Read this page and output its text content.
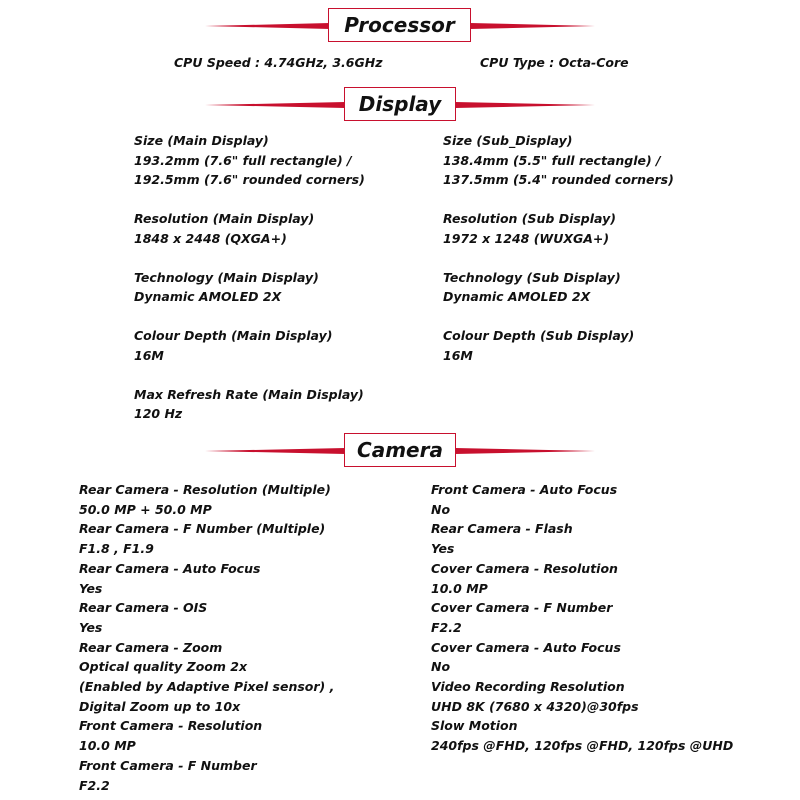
Processor
CPU Speed : 4.74GHz, 3.6GHz	CPU Type : Octa-Core
Display
Size (Main Display)
193.2mm (7.6" full rectangle) /
192.5mm (7.6" rounded corners)
Resolution (Main Display)
1848 x 2448 (QXGA+)
Technology (Main Display)
Dynamic AMOLED 2X
Colour Depth (Main Display)
16M
Max Refresh Rate (Main Display)
120 Hz
Size (Sub_Display)
138.4mm (5.5" full rectangle) /
137.5mm (5.4" rounded corners)
Resolution (Sub Display)
1972 x 1248 (WUXGA+)
Technology (Sub Display)
Dynamic AMOLED 2X
Colour Depth (Sub Display)
16M
Camera
Rear Camera - Resolution (Multiple)
50.0 MP + 50.0 MP
Rear Camera - F Number (Multiple)
F1.8 , F1.9
Rear Camera - Auto Focus
Yes
Rear Camera - OIS
Yes
Rear Camera - Zoom
Optical quality Zoom 2x
(Enabled by Adaptive Pixel sensor) ,
Digital Zoom up to 10x
Front Camera - Resolution
10.0 MP
Front Camera - F Number
F2.2
Front Camera - Auto Focus
No
Rear Camera - Flash
Yes
Cover Camera - Resolution
10.0 MP
Cover Camera - F Number
F2.2
Cover Camera - Auto Focus
No
Video Recording Resolution
UHD 8K (7680 x 4320)@30fps
Slow Motion
240fps @FHD, 120fps @FHD, 120fps @UHD
